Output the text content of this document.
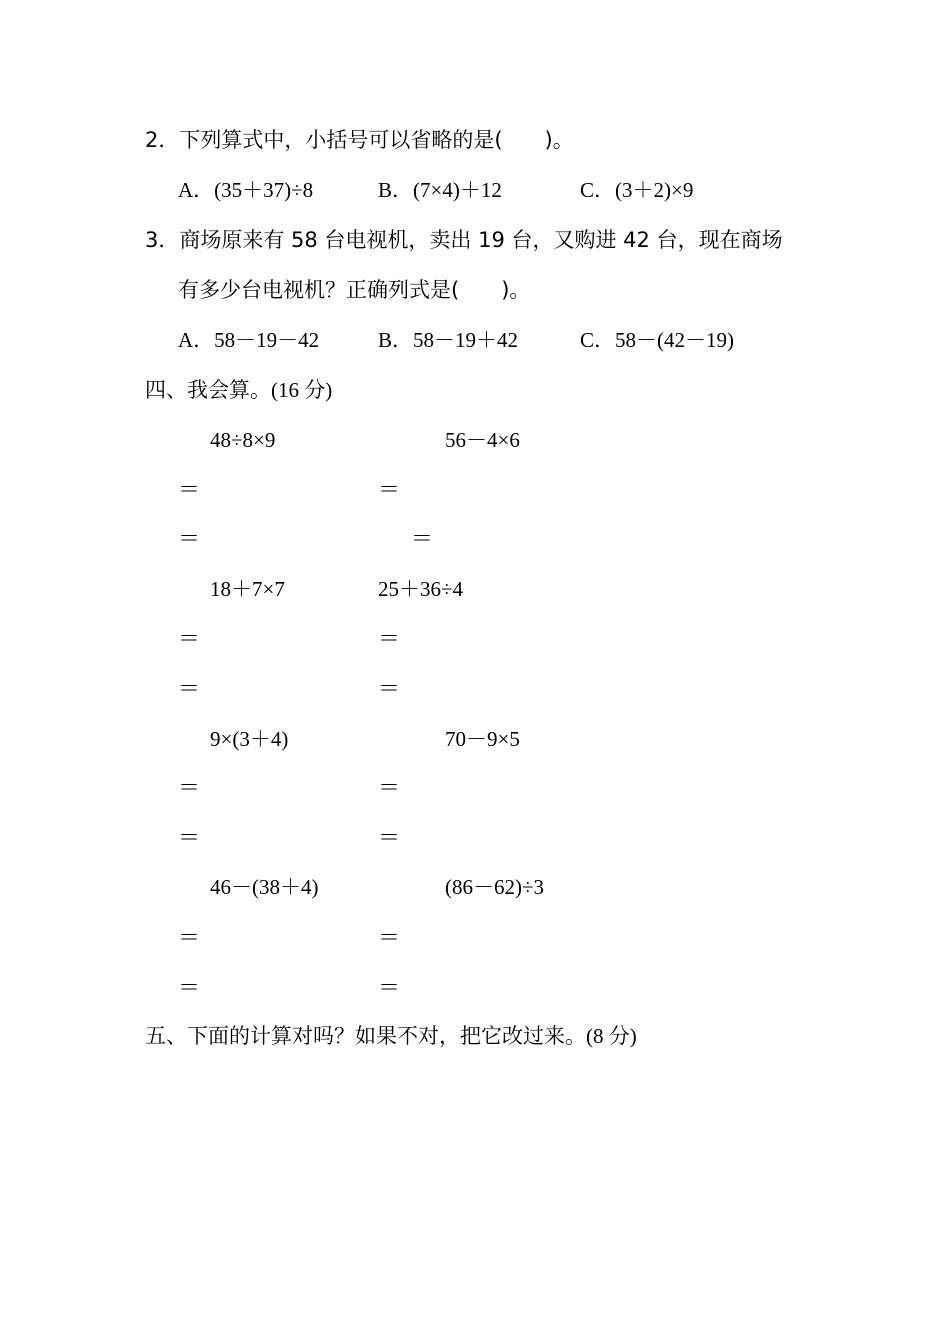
2．下列算式中，小括号可以省略的是(　　)。
A．(35＋37)÷8	B．(7×4)＋12	C．(3＋2)×9
3．商场原来有 58 台电视机，卖出 19 台，又购进 42 台，现在商场
有多少台电视机？正确列式是(　　)。
A．58－19－42	B．58－19＋42	C．58－(42－19)
四、我会算。(16 分)
48÷8×9	56－4×6
＝	＝
＝	＝
18＋7×7	25＋36÷4
＝	＝
＝	＝
9×(3＋4)	70－9×5
＝	＝
＝	＝
46－(38＋4)	(86－62)÷3
＝	＝
＝	＝
五、下面的计算对吗？如果不对，把它改过来。(8 分)
